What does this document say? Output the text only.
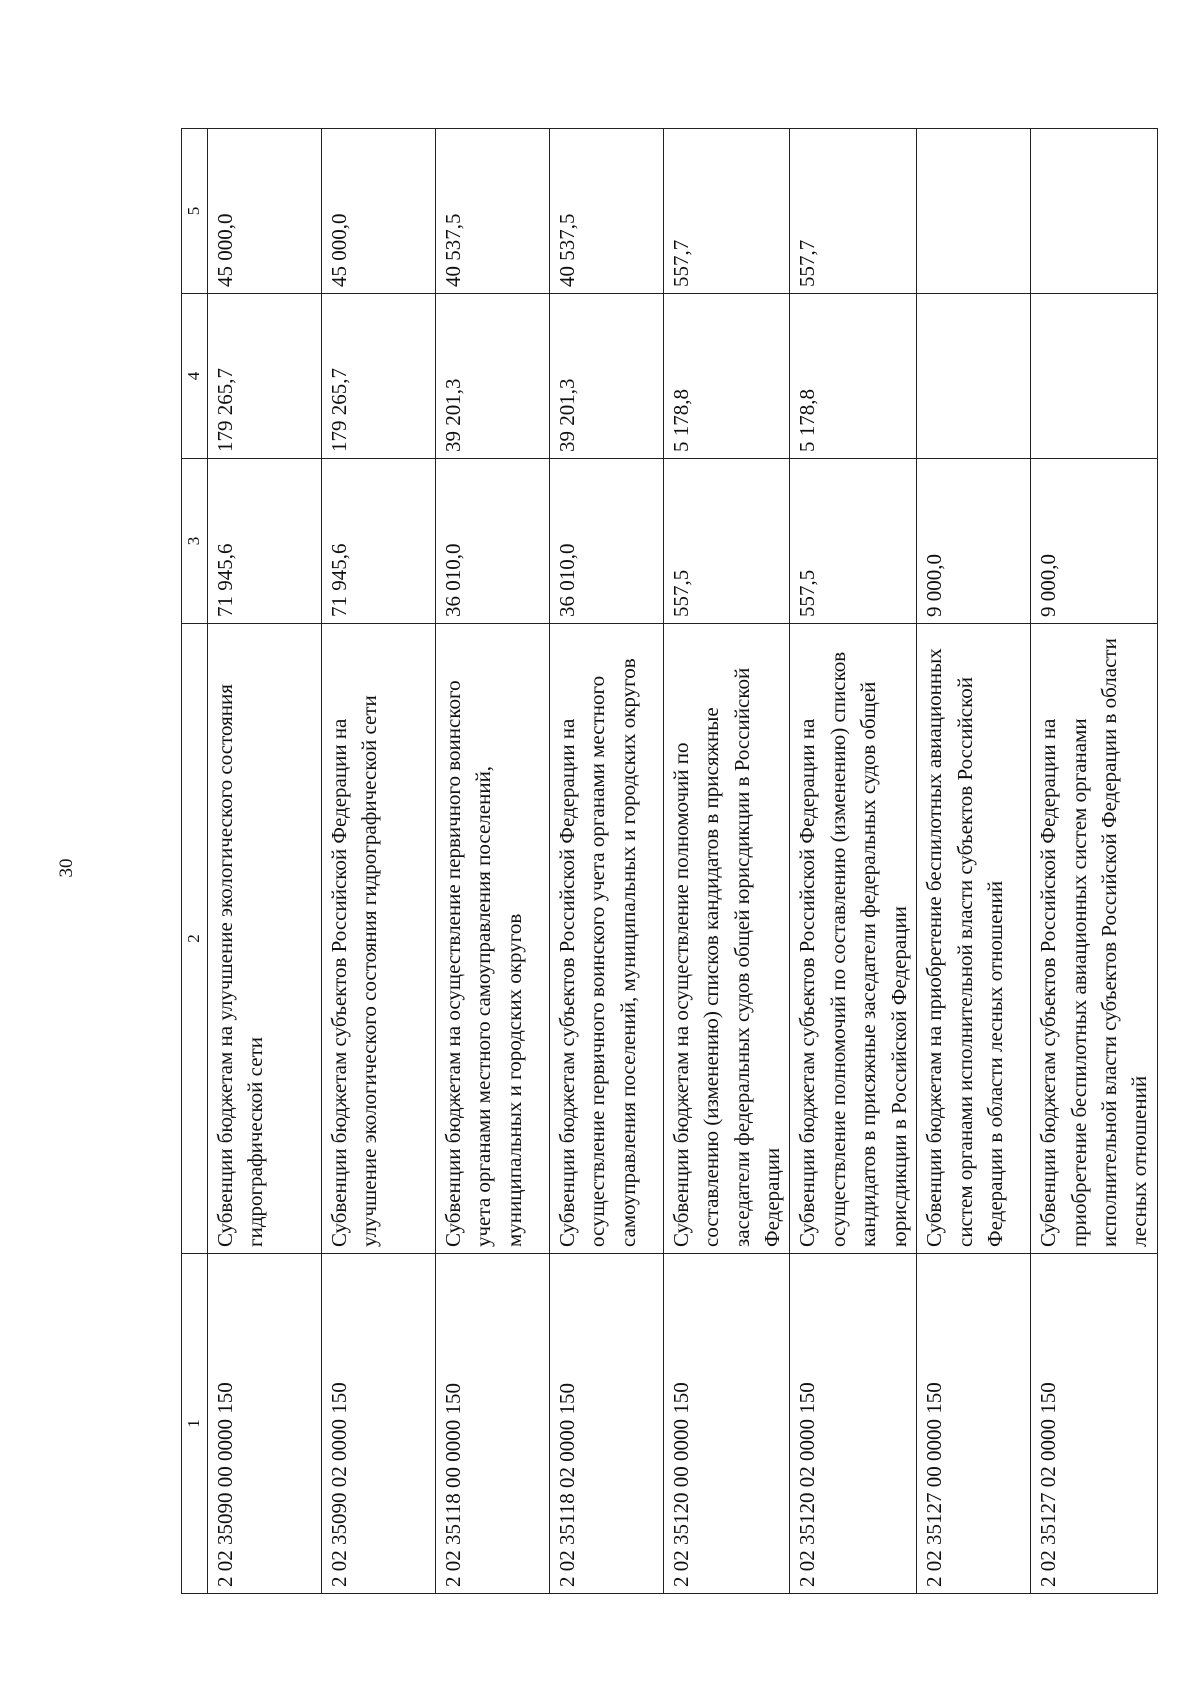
30
1	2	3	4	5
2 02 35090 00 0000 150	Субвенции бюджетам на улучшение экологического состояния гидрографической сети	71 945,6	179 265,7	45 000,0
2 02 35090 02 0000 150	Субвенции бюджетам субъектов Российской Федерации на улучшение экологического состояния гидрографической сети	71 945,6	179 265,7	45 000,0
2 02 35118 00 0000 150	Субвенции бюджетам на осуществление первичного воинского учета органами местного самоуправления поселений, муниципальных и городских округов	36 010,0	39 201,3	40 537,5
2 02 35118 02 0000 150	Субвенции бюджетам субъектов Российской Федерации на осуществление первичного воинского учета органами местного самоуправления поселений, муниципальных и городских округов	36 010,0	39 201,3	40 537,5
2 02 35120 00 0000 150	Субвенции бюджетам на осуществление полномочий по составлению (изменению) списков кандидатов в присяжные заседатели федеральных судов общей юрисдикции в Российской Федерации	557,5	5 178,8	557,7
2 02 35120 02 0000 150	Субвенции бюджетам субъектов Российской Федерации на осуществление полномочий по составлению (изменению) списков кандидатов в присяжные заседатели федеральных судов общей юрисдикции в Российской Федерации	557,5	5 178,8	557,7
2 02 35127 00 0000 150	Субвенции бюджетам на приобретение беспилотных авиационных систем органами исполнительной власти субъектов Российской Федерации в области лесных отношений	9 000,0		
2 02 35127 02 0000 150	Субвенции бюджетам субъектов Российской Федерации на приобретение беспилотных авиационных систем органами исполнительной власти субъектов Российской Федерации в области лесных отношений	9 000,0		
